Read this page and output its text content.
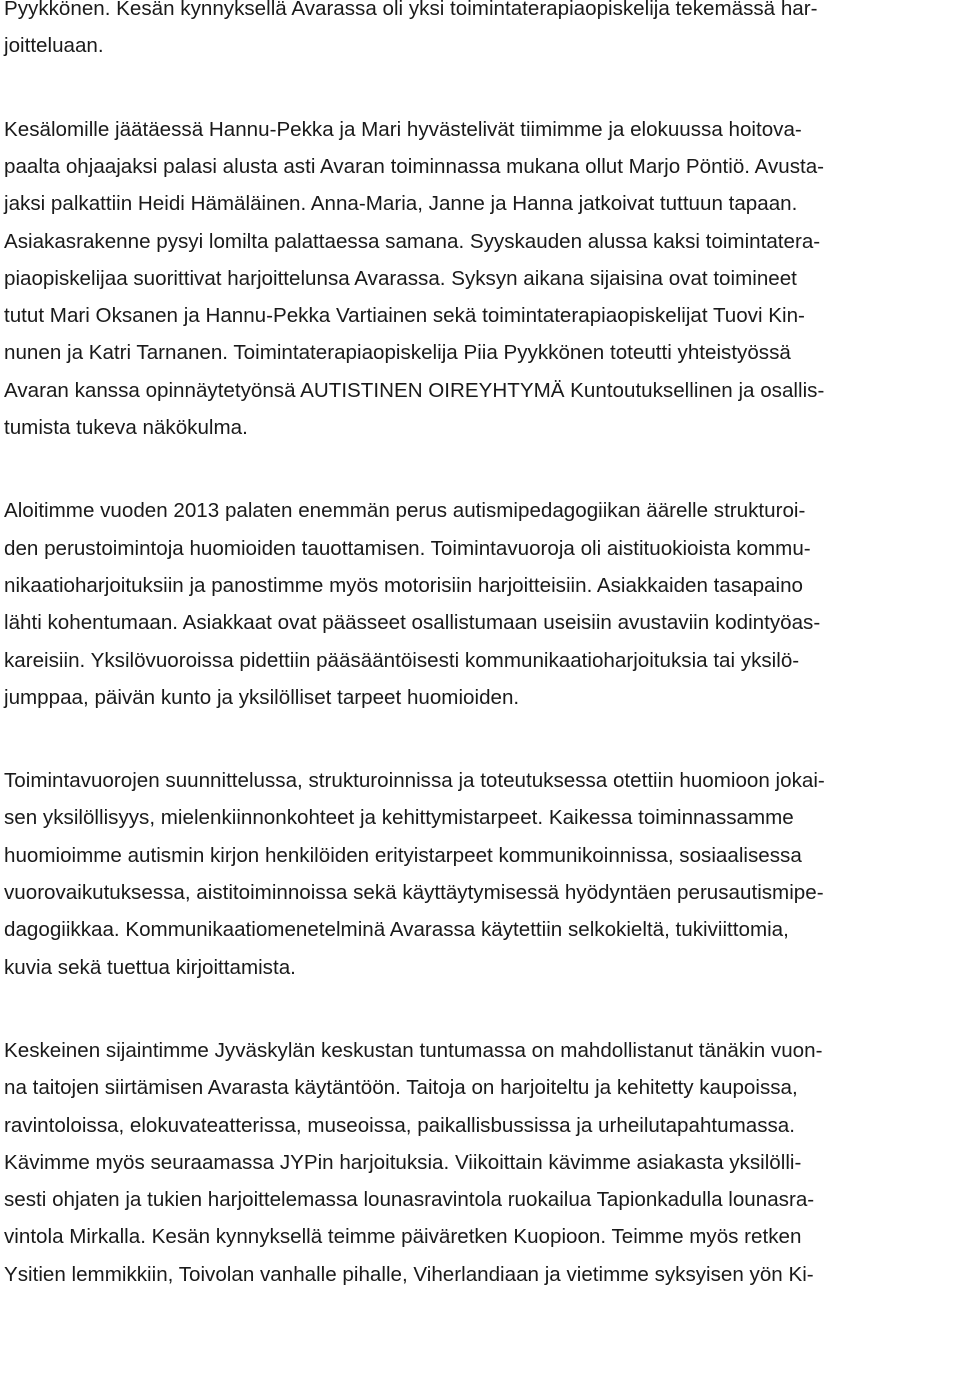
Pyykkönen. Kesän kynnyksellä Avarassa oli yksi toimintaterapiaopiskelija tekemässä har-
joitteluaan.
Kesälomille jäätäessä Hannu-Pekka ja Mari hyvästelivät tiimimme ja elokuussa hoitova-
paalta ohjaajaksi palasi alusta asti Avaran toiminnassa mukana ollut Marjo Pöntiö. Avusta-
jaksi palkattiin Heidi Hämäläinen. Anna-Maria, Janne ja Hanna jatkoivat tuttuun tapaan.
Asiakasrakenne pysyi lomilta palattaessa samana. Syyskauden alussa kaksi toimintatera-
piaopiskelijaa suorittivat harjoittelunsa Avarassa. Syksyn aikana sijaisina ovat toimineet
tutut Mari Oksanen ja Hannu-Pekka Vartiainen sekä toimintaterapiaopiskelijat Tuovi Kin-
nunen ja Katri Tarnanen. Toimintaterapiaopiskelija Piia Pyykkönen toteutti yhteistyössä
Avaran kanssa opinnäytetyönsä AUTISTINEN OIREYHTYMÄ Kuntoutuksellinen ja osallis-
tumista tukeva näkökulma.
Aloitimme vuoden 2013 palaten enemmän perus autismipedagogiikan äärelle strukturoi-
den perustoimintoja huomioiden tauottamisen. Toimintavuoroja oli aistituokioista kommu-
nikaatioharjoituksiin ja panostimme myös motorisiin harjoitteisiin. Asiakkaiden tasapaino
lähti kohentumaan. Asiakkaat ovat päässeet osallistumaan useisiin avustaviin kodintyöas-
kareisiin. Yksilövuoroissa pidettiin pääsääntöisesti kommunikaatioharjoituksia tai yksilö-
jumppaa, päivän kunto ja yksilölliset tarpeet huomioiden.
Toimintavuorojen suunnittelussa, strukturoinnissa ja toteutuksessa otettiin huomioon jokai-
sen yksilöllisyys, mielenkiinnonkohteet ja kehittymistarpeet. Kaikessa toiminnassamme
huomioimme autismin kirjon henkilöiden erityistarpeet kommunikoinnissa, sosiaalisessa
vuorovaikutuksessa, aistitoiminnoissa sekä käyttäytymisessä hyödyntäen perusautismipe-
dagogiikkaa. Kommunikaatiomenetelminä Avarassa käytettiin selkokieltä, tukiviittomia,
kuvia sekä tuettua kirjoittamista.
Keskeinen sijaintimme Jyväskylän keskustan tuntumassa on mahdollistanut tänäkin vuon-
na taitojen siirtämisen Avarasta käytäntöön. Taitoja on harjoiteltu ja kehitetty kaupoissa,
ravintoloissa, elokuvateatterissa, museoissa, paikallisbussissa ja urheilutapahtumassa.
Kävimme myös seuraamassa JYPin harjoituksia. Viikoittain kävimme asiakasta yksilölli-
sesti ohjaten ja tukien harjoittelemassa lounasravintola ruokailua Tapionkadulla lounasra-
vintola Mirkalla. Kesän kynnyksellä teimme päiväretken Kuopioon. Teimme myös retken
Ysitien lemmikkiin, Toivolan vanhalle pihalle, Viherlandiaan ja vietimme syksyisen yön Ki-
